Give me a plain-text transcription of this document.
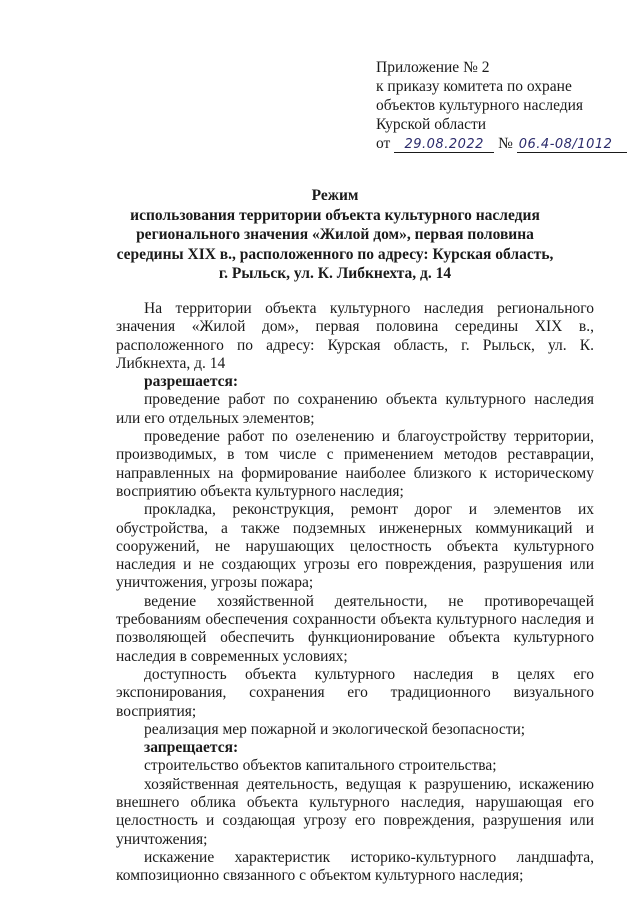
Приложение № 2
к приказу комитета по охране
объектов культурного наследия
Курской области
от 29.08.2022 № 06.4-08/1012
Режим
использования территории объекта культурного наследия
регионального значения «Жилой дом», первая половина
середины XIX в., расположенного по адресу: Курская область,
г. Рыльск, ул. К. Либкнехта, д. 14

На территории объекта культурного наследия регионального значения «Жилой дом», первая половина середины XIX в., расположенного по адресу: Курская область, г. Рыльск, ул. К. Либкнехта, д. 14

разрешается:

проведение работ по сохранению объекта культурного наследия или его отдельных элементов;

проведение работ по озеленению и благоустройству территории, производимых, в том числе с применением методов реставрации, направленных на формирование наиболее близкого к историческому восприятию объекта культурного наследия;

прокладка, реконструкция, ремонт дорог и элементов их обустройства, а также подземных инженерных коммуникаций и сооружений, не нарушающих целостность объекта культурного наследия и не создающих угрозы его повреждения, разрушения или уничтожения, угрозы пожара;

ведение хозяйственной деятельности, не противоречащей требованиям обеспечения сохранности объекта культурного наследия и позволяющей обеспечить функционирование объекта культурного наследия в современных условиях;

доступность объекта культурного наследия в целях его экспонирования, сохранения его традиционного визуального восприятия;

реализация мер пожарной и экологической безопасности;

запрещается:

строительство объектов капитального строительства;

хозяйственная деятельность, ведущая к разрушению, искажению внешнего облика объекта культурного наследия, нарушающая его целостность и создающая угрозу его повреждения, разрушения или уничтожения;

искажение характеристик историко-культурного ландшафта, композиционно связанного с объектом культурного наследия;
